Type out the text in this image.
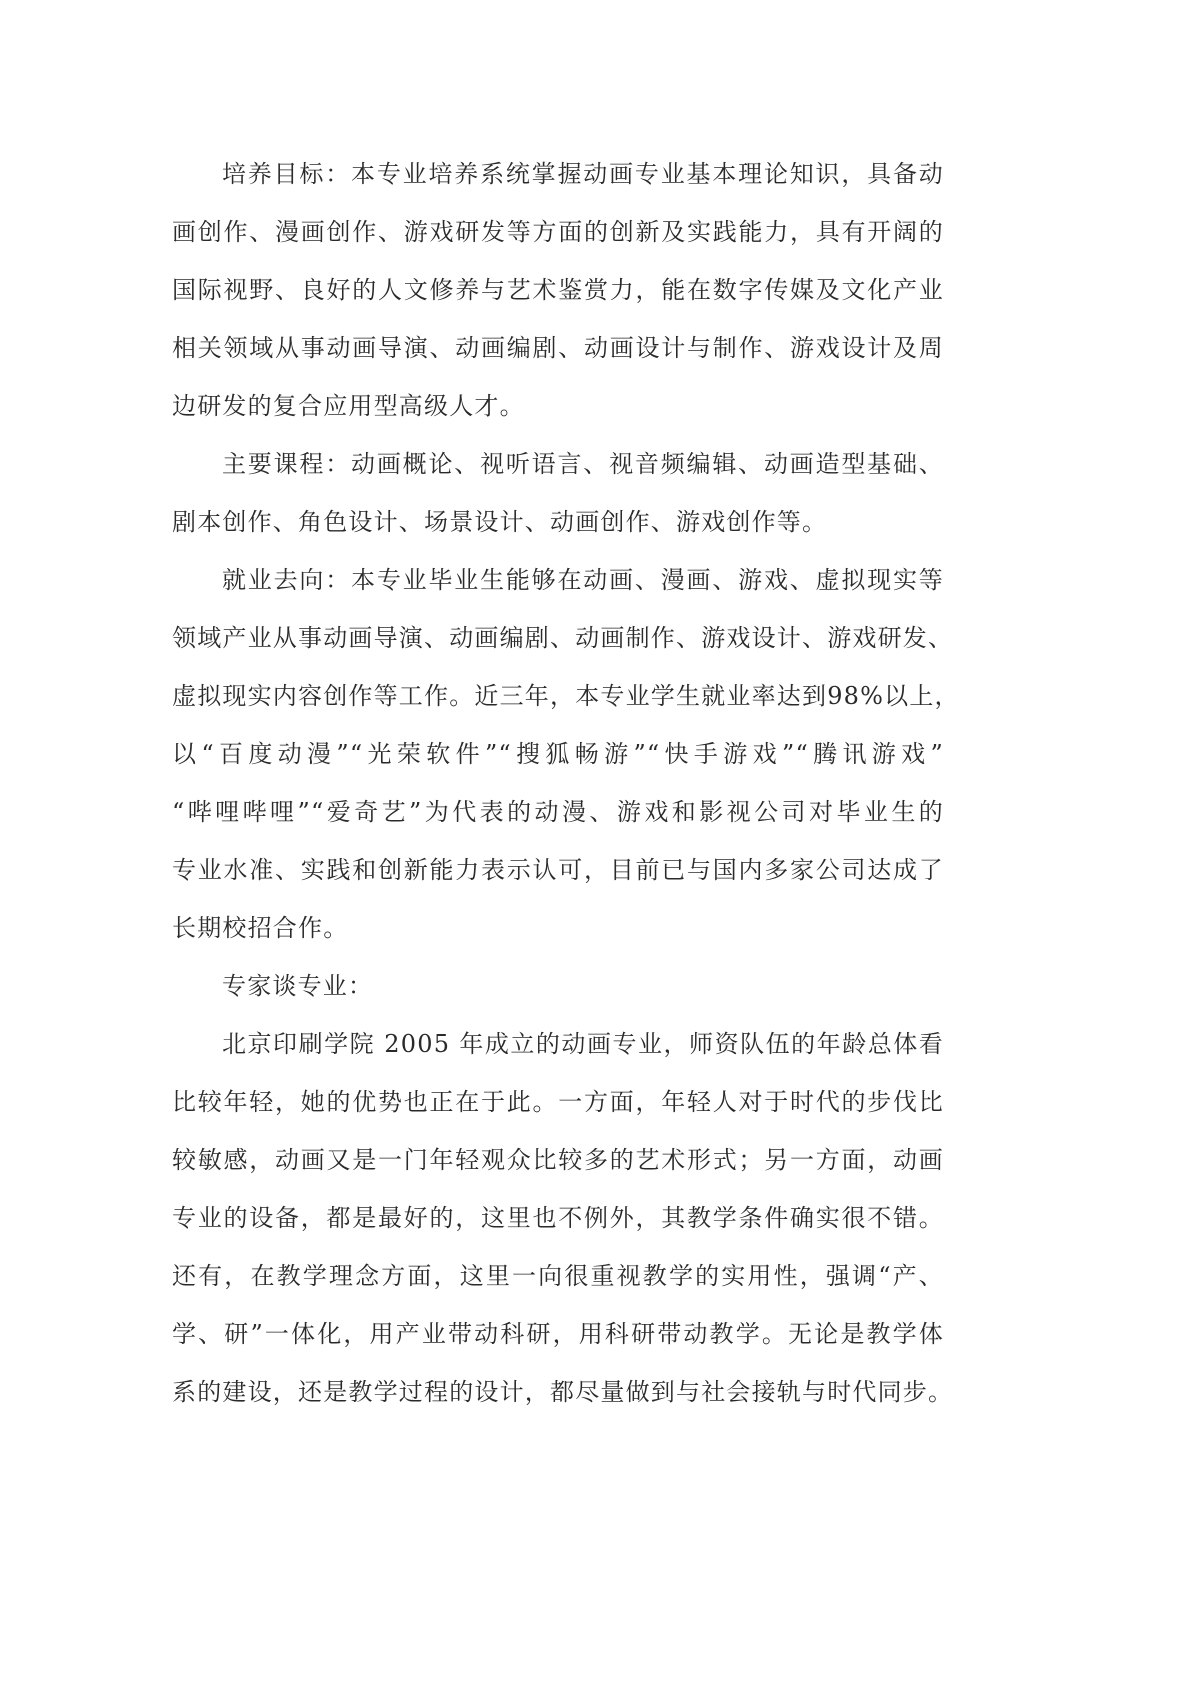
培养目标：本专业培养系统掌握动画专业基本理论知识，具备动
画创作、漫画创作、游戏研发等方面的创新及实践能力，具有开阔的
国际视野、良好的人文修养与艺术鉴赏力，能在数字传媒及文化产业
相关领域从事动画导演、动画编剧、动画设计与制作、游戏设计及周
边研发的复合应用型高级人才。
主要课程：动画概论、视听语言、视音频编辑、动画造型基础、
剧本创作、角色设计、场景设计、动画创作、游戏创作等。
就业去向：本专业毕业生能够在动画、漫画、游戏、虚拟现实等
领域产业从事动画导演、动画编剧、动画制作、游戏设计、游戏研发、
虚拟现实内容创作等工作。近三年，本专业学生就业率达到98%以上，
以“百度动漫”“光荣软件”“搜狐畅游”“快手游戏”“腾讯游戏”
“哔哩哔哩”“爱奇艺”为代表的动漫、游戏和影视公司对毕业生的
专业水准、实践和创新能力表示认可，目前已与国内多家公司达成了
长期校招合作。
专家谈专业：
北京印刷学院 2005 年成立的动画专业，师资队伍的年龄总体看
比较年轻，她的优势也正在于此。一方面，年轻人对于时代的步伐比
较敏感，动画又是一门年轻观众比较多的艺术形式；另一方面，动画
专业的设备，都是最好的，这里也不例外，其教学条件确实很不错。
还有，在教学理念方面，这里一向很重视教学的实用性，强调“产、
学、研”一体化，用产业带动科研，用科研带动教学。无论是教学体
系的建设，还是教学过程的设计，都尽量做到与社会接轨与时代同步。
